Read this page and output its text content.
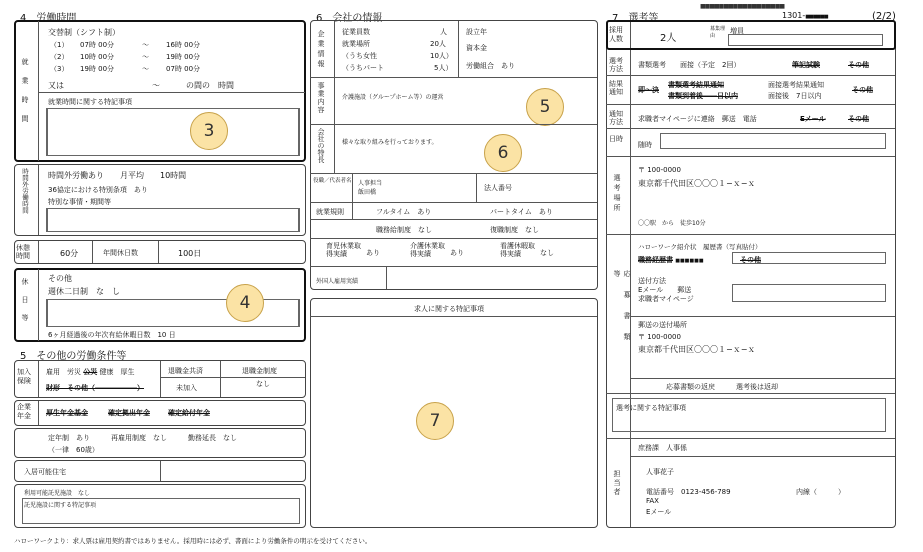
■■■■■■■■■■■■■■■■■■
1301-■■■■■■	(2/2)
4　労働時間
就業時間
交替制（シフト制）
（1）	07時 00分	〜	16時 00分
（2）	10時 00分	〜	19時 00分
（3）	19時 00分	〜	07時 00分
又は	〜	の間の　時間
就業時間に関する特記事項
3
時間外労働時間 時間外労働あり　　月平均　　10時間
36協定における特別条項　あり
特別な事情・期間等
休憩時間	60分	年間休日数	100日
休日等 その他
週休二日制　な　し
6ヶ月経過後の年次有給休暇日数　10 日
4
5　その他の労働条件等
加入保険
雇用　労災 公災 健康　厚生
財形　その他（――――――）
退職金共済
未加入
退職金制度
なし
企業年金	厚生年金基金	確定拠出年金	確定給付年金
定年制　あり　　　再雇用制度　なし　　　勤務延長　なし
（一律　60歳）
入居可能住宅
利用可能託児施設　なし
託児施設に関する特記事項
6　会社の情報
企業情報 従業員数	人
就業場所	20人
（うち女性	10人）
（うちパート	5人）
設立年
資本金
労働組合　あり
事業内容	介護施設（グループホーム等）の運営	5
会社の特長	様々な取り組みを行っております。
6
役職／代表者名 人事担当
飯田橋
法人番号
就業規則	フルタイム　あり	パートタイム　あり
職務給制度　なし	復職制度　なし
育児休業取得実績	あり
介護休業取得実績	あり
看護休暇取得実績	なし
外国人雇用実績
求人に関する特記事項
7
7　選考等
採用人数	2人
募集理由
増員
選考方法	書類選考　　面接（予定　2回）	筆記試験	その他
結果通知	即〜決
書類選考結果通知
書類到着後――日以内
面接選考結果通知
面接後　7日以内
その他
通知方法	求職者マイページに連絡　郵送　電話	Eメール	その他
日時
随時
選考場所
〒 100-0000
東京都千代田区〇〇〇１−ｘ−ｘ
〇〇駅　から　徒歩10分
応募書類等
ハローワーク紹介状　履歴書（写真貼付）
職務経歴書 ■■■■■■	その他
送付方法
Eメール　　郵送
求職者マイページ
郵送の送付場所
〒 100-0000
東京都千代田区〇〇〇１−ｘ−ｘ
応募書類の返戻　　　選考後は返却
選考に関する特記事項
担当者
庶務課　人事係
人事花子
電話番号　0123-456-789	内線（　　　）
FAX
Eメール
ハローワークより：求人票は雇用契約書ではありません。採用時には必ず、書面により労働条件の明示を受けてください。
